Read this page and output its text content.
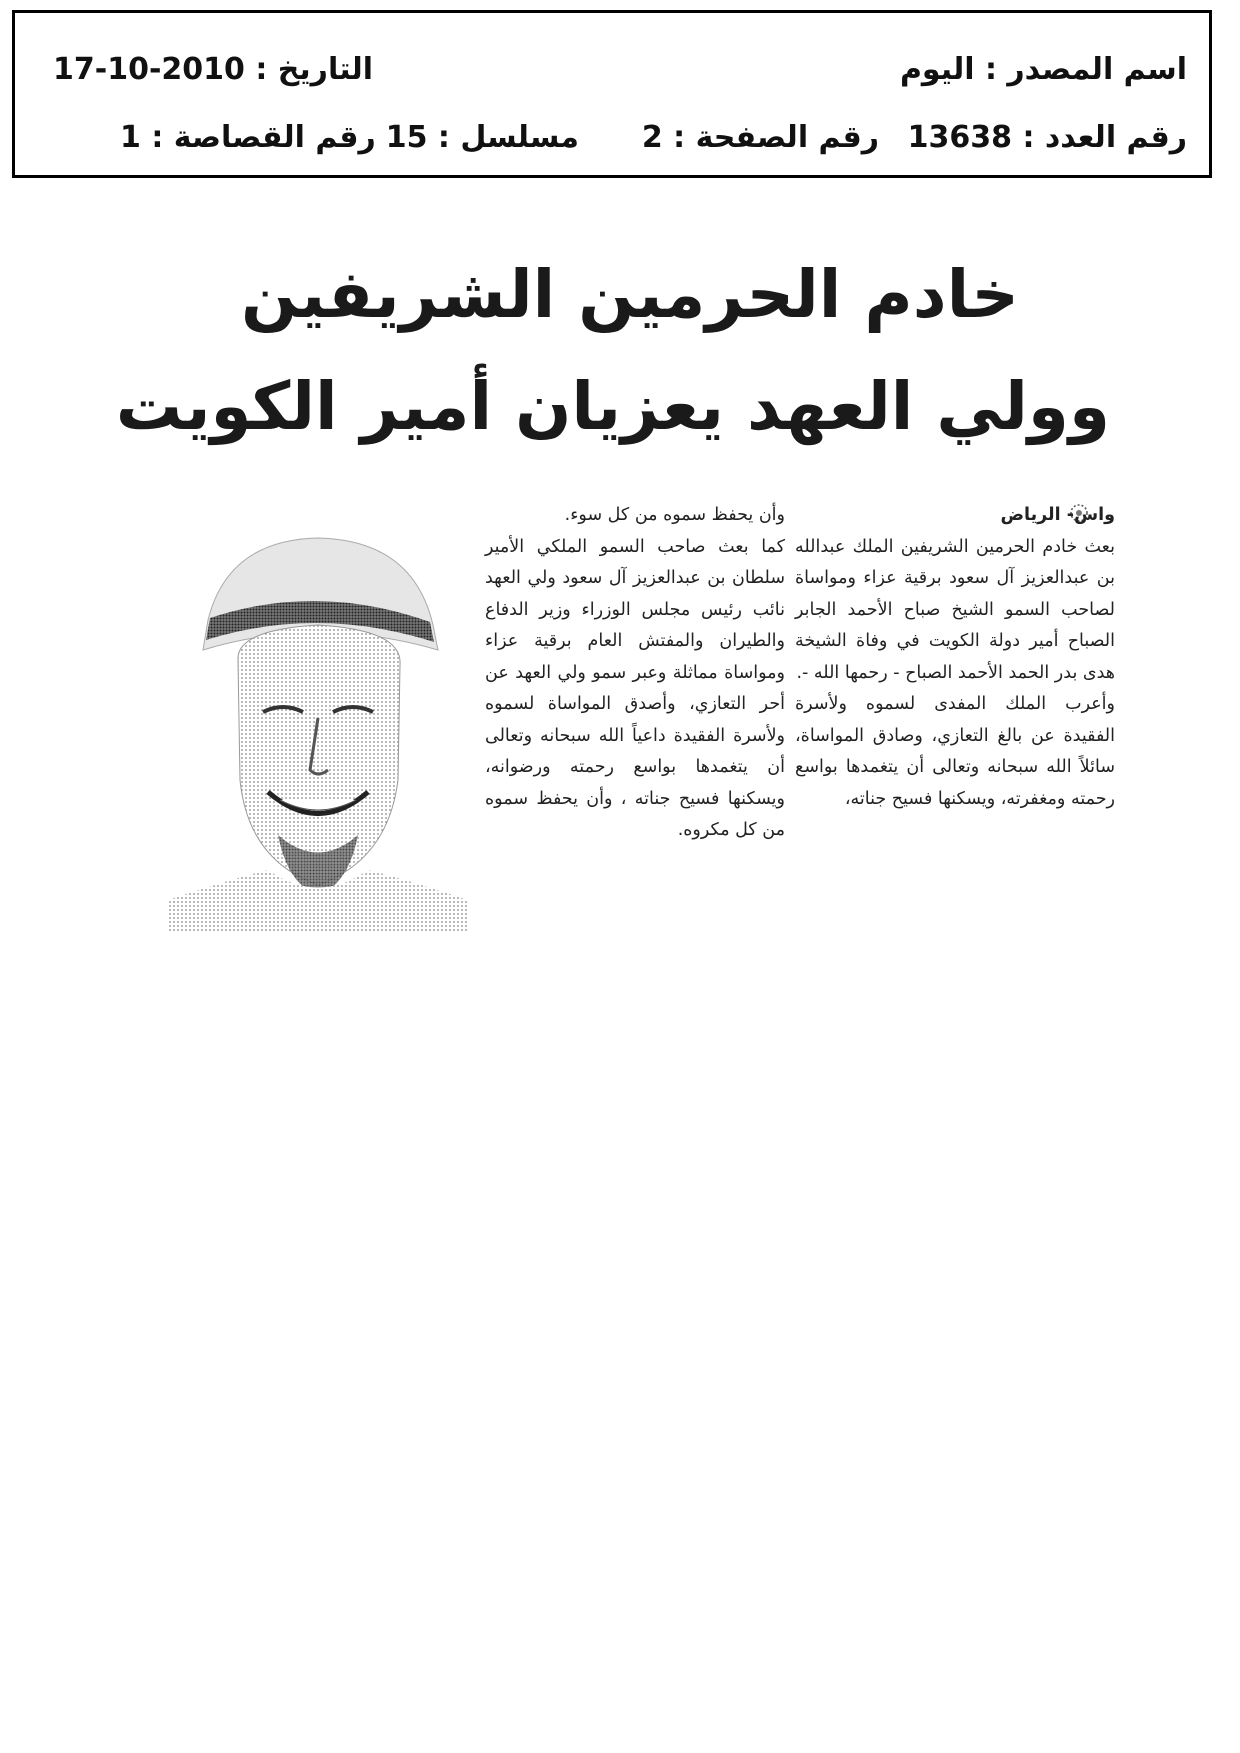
اسم المصدر : اليوم
التاريخ : 2010-10-17
رقم العدد : 13638
رقم الصفحة : 2
مسلسل : 15
رقم القصاصة : 1
خادم الحرمين الشريفين
وولي العهد يعزيان أمير الكويت

واس- الرياض

بعث خادم الحرمين الشريفين الملك عبدالله بن عبدالعزيز آل سعود برقية عزاء ومواساة لصاحب السمو الشيخ صباح الأحمد الجابر الصباح أمير دولة الكويت في وفاة الشيخة هدى بدر الحمد الأحمد الصباح - رحمها الله -.

وأعرب الملك المفدى لسموه ولأسرة الفقيدة عن بالغ التعازي، وصادق المواساة، سائلاً الله سبحانه وتعالى أن يتغمدها بواسع رحمته ومغفرته، ويسكنها فسيح جناته،

وأن يحفظ سموه من كل سوء.

كما بعث صاحب السمو الملكي الأمير سلطان بن عبدالعزيز آل سعود ولي العهد نائب رئيس مجلس الوزراء وزير الدفاع والطيران والمفتش العام برقية عزاء ومواساة مماثلة وعبر سمو ولي العهد عن أحر التعازي، وأصدق المواساة لسموه ولأسرة الفقيدة داعياً الله سبحانه وتعالى أن يتغمدها بواسع رحمته ورضوانه، ويسكنها فسيح جناته ، وأن يحفظ سموه من كل مكروه.
